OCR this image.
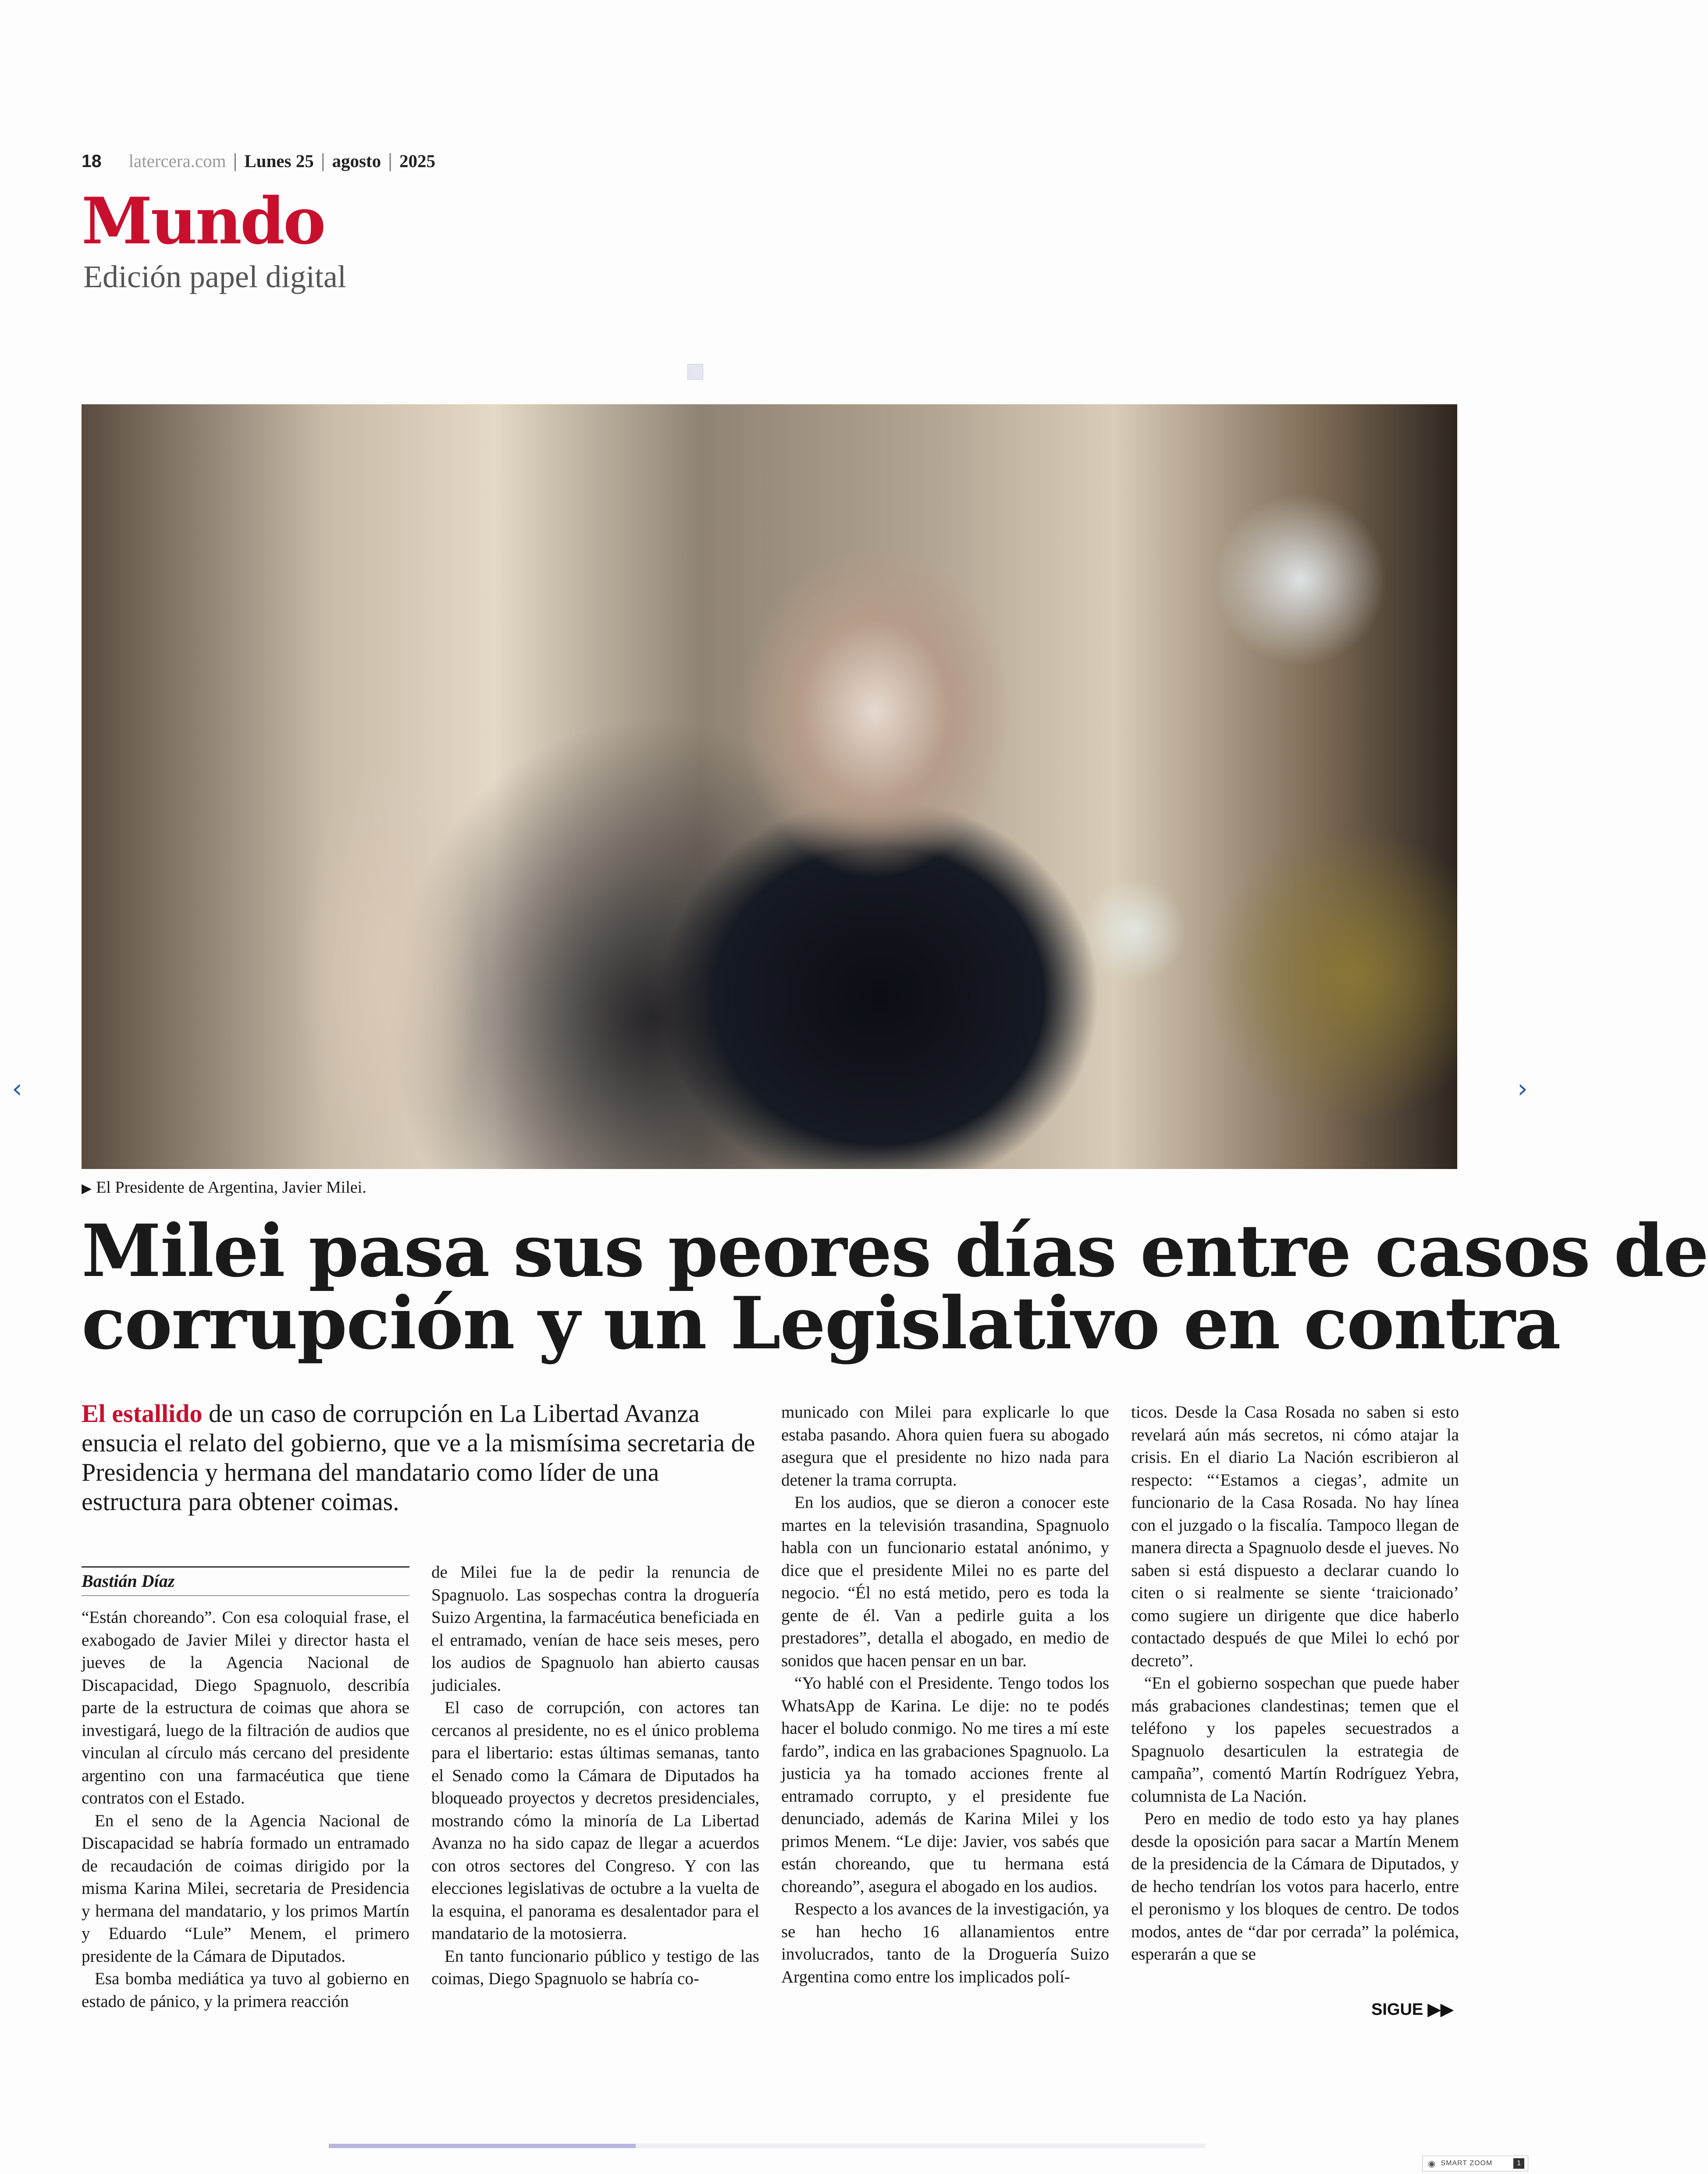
18 latercera.com | Lunes 25 | agosto | 2025
Mundo
Edición papel digital
▶ El Presidente de Argentina, Javier Milei.
Milei pasa sus peores días entre casos de
corrupción y un Legislativo en contra
El estallido de un caso de corrupción en La Libertad Avanza ensucia el relato del gobierno, que ve a la mismísima secretaria de Presidencia y hermana del mandatario como líder de una estructura para obtener coimas.
Bastián Díaz

“Están choreando”. Con esa coloquial frase, el exabogado de Javier Milei y director hasta el jueves de la Agencia Nacional de Discapacidad, Diego Spagnuolo, describía parte de la estructura de coimas que ahora se investigará, luego de la filtración de audios que vinculan al círculo más cercano del presidente argentino con una farmacéutica que tiene contratos con el Estado.

En el seno de la Agencia Nacional de Discapacidad se habría formado un entramado de recaudación de coimas dirigido por la misma Karina Milei, secretaria de Presidencia y hermana del mandatario, y los primos Martín y Eduardo “Lule” Menem, el primero presidente de la Cámara de Diputados.

Esa bomba mediática ya tuvo al gobierno en estado de pánico, y la primera reacción

de Milei fue la de pedir la renuncia de Spagnuolo. Las sospechas contra la droguería Suizo Argentina, la farmacéutica beneficiada en el entramado, venían de hace seis meses, pero los audios de Spagnuolo han abierto causas judiciales.

El caso de corrupción, con actores tan cercanos al presidente, no es el único problema para el libertario: estas últimas semanas, tanto el Senado como la Cámara de Diputados ha bloqueado proyectos y decretos presidenciales, mostrando cómo la minoría de La Libertad Avanza no ha sido capaz de llegar a acuerdos con otros sectores del Congreso. Y con las elecciones legislativas de octubre a la vuelta de la esquina, el panorama es desalentador para el mandatario de la motosierra.

En tanto funcionario público y testigo de las coimas, Diego Spagnuolo se habría co-

municado con Milei para explicarle lo que estaba pasando. Ahora quien fuera su abogado asegura que el presidente no hizo nada para detener la trama corrupta.

En los audios, que se dieron a conocer este martes en la televisión trasandina, Spagnuolo habla con un funcionario estatal anónimo, y dice que el presidente Milei no es parte del negocio. “Él no está metido, pero es toda la gente de él. Van a pedirle guita a los prestadores”, detalla el abogado, en medio de sonidos que hacen pensar en un bar.

“Yo hablé con el Presidente. Tengo todos los WhatsApp de Karina. Le dije: no te podés hacer el boludo conmigo. No me tires a mí este fardo”, indica en las grabaciones Spagnuolo. La justicia ya ha tomado acciones frente al entramado corrupto, y el presidente fue denunciado, además de Karina Milei y los primos Menem. “Le dije: Javier, vos sabés que están choreando, que tu hermana está choreando”, asegura el abogado en los audios.

Respecto a los avances de la investigación, ya se han hecho 16 allanamientos entre involucrados, tanto de la Droguería Suizo Argentina como entre los implicados polí-

ticos. Desde la Casa Rosada no saben si esto revelará aún más secretos, ni cómo atajar la crisis. En el diario La Nación escribieron al respecto: “‘Estamos a ciegas’, admite un funcionario de la Casa Rosada. No hay línea con el juzgado o la fiscalía. Tampoco llegan de manera directa a Spagnuolo desde el jueves. No saben si está dispuesto a declarar cuando lo citen o si realmente se siente ‘traicionado’ como sugiere un dirigente que dice haberlo contactado después de que Milei lo echó por decreto”.

“En el gobierno sospechan que puede haber más grabaciones clandestinas; temen que el teléfono y los papeles secuestrados a Spagnuolo desarticulen la estrategia de campaña”, comentó Martín Rodríguez Yebra, columnista de La Nación.

Pero en medio de todo esto ya hay planes desde la oposición para sacar a Martín Menem de la presidencia de la Cámara de Diputados, y de hecho tendrían los votos para hacerlo, entre el peronismo y los bloques de centro. De todos modos, antes de “dar por cerrada” la polémica, esperarán a que se

SIGUE ▶▶
‹	›
◉ SMART ZOOM	1
